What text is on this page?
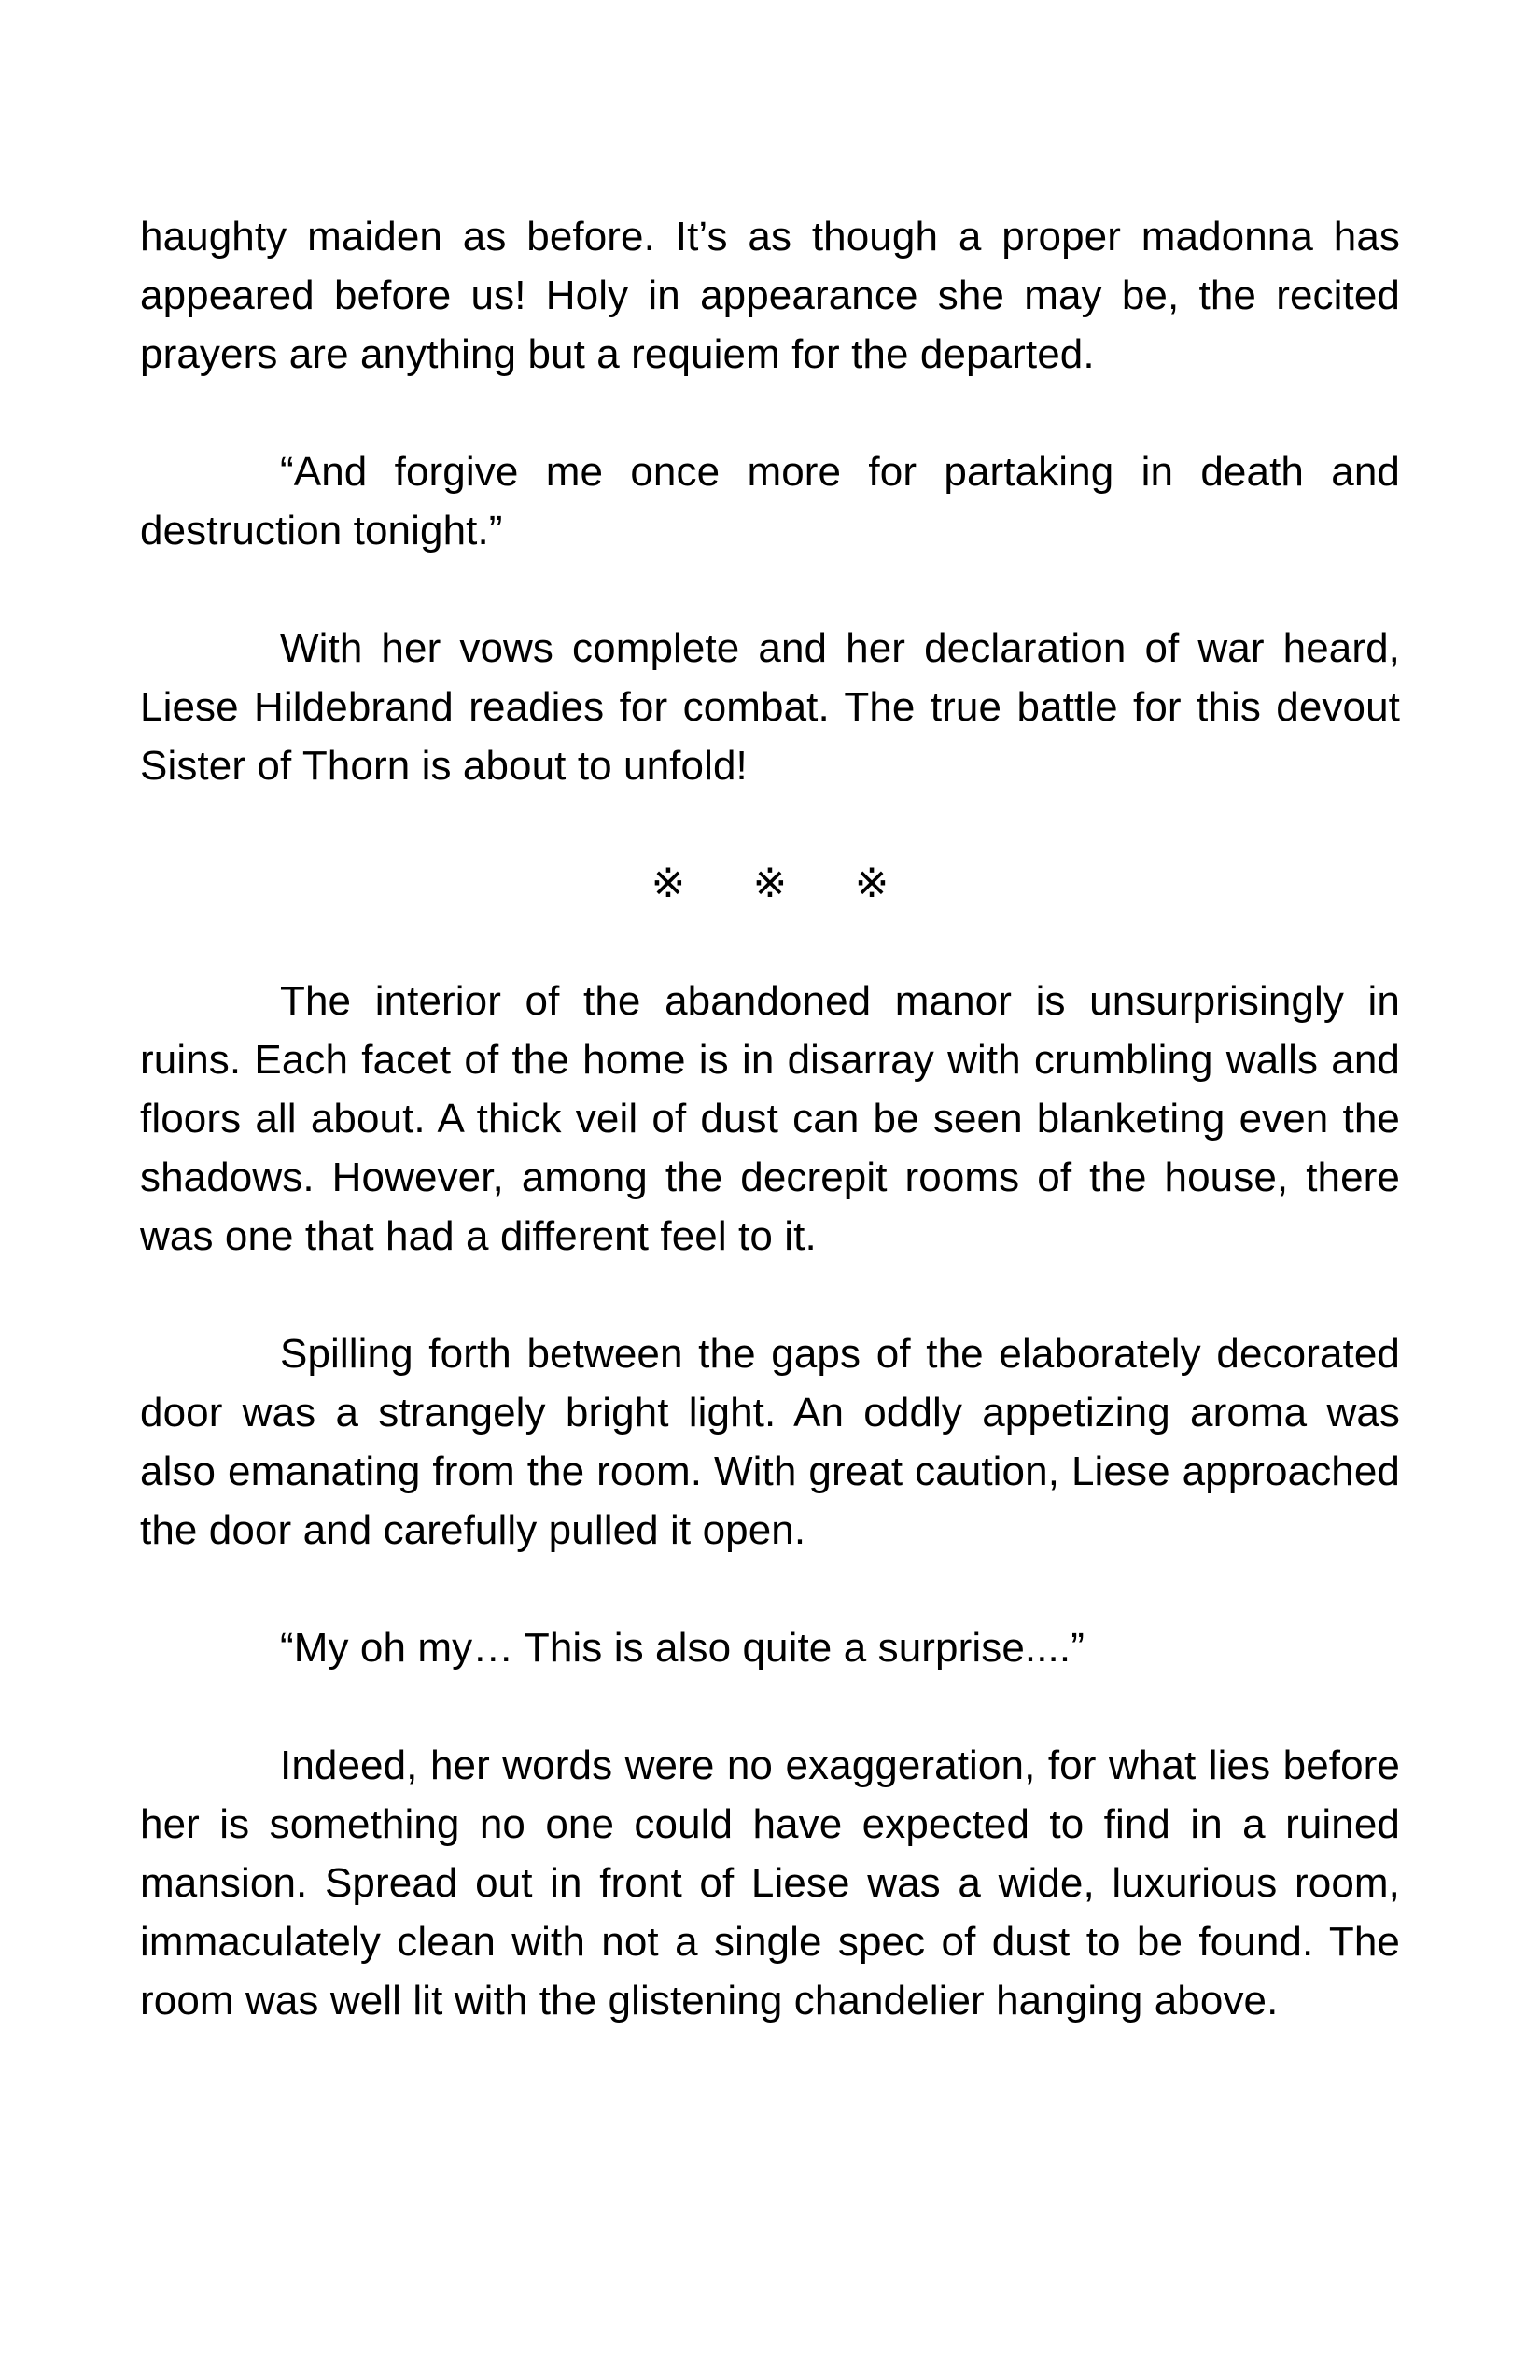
haughty maiden as before. It’s as though a proper madonna has appeared before us! Holy in appearance she may be, the recited prayers are anything but a requiem for the departed.

“And forgive me once more for partaking in death and destruction tonight.”

With her vows complete and her declaration of war heard, Liese Hildebrand readies for combat. The true battle for this devout Sister of Thorn is about to unfold!

※ ※ ※

The interior of the abandoned manor is unsurprisingly in ruins. Each facet of the home is in disarray with crumbling walls and floors all about. A thick veil of dust can be seen blanketing even the shadows. However, among the decrepit rooms of the house, there was one that had a different feel to it.

Spilling forth between the gaps of the elaborately decorated door was a strangely bright light. An oddly appetizing aroma was also emanating from the room. With great caution, Liese approached the door and carefully pulled it open.

“My oh my… This is also quite a surprise....”

Indeed, her words were no exaggeration, for what lies before her is something no one could have expected to find in a ruined mansion. Spread out in front of Liese was a wide, luxurious room, immaculately clean with not a single spec of dust to be found. The room was well lit with the glistening chandelier hanging above.
